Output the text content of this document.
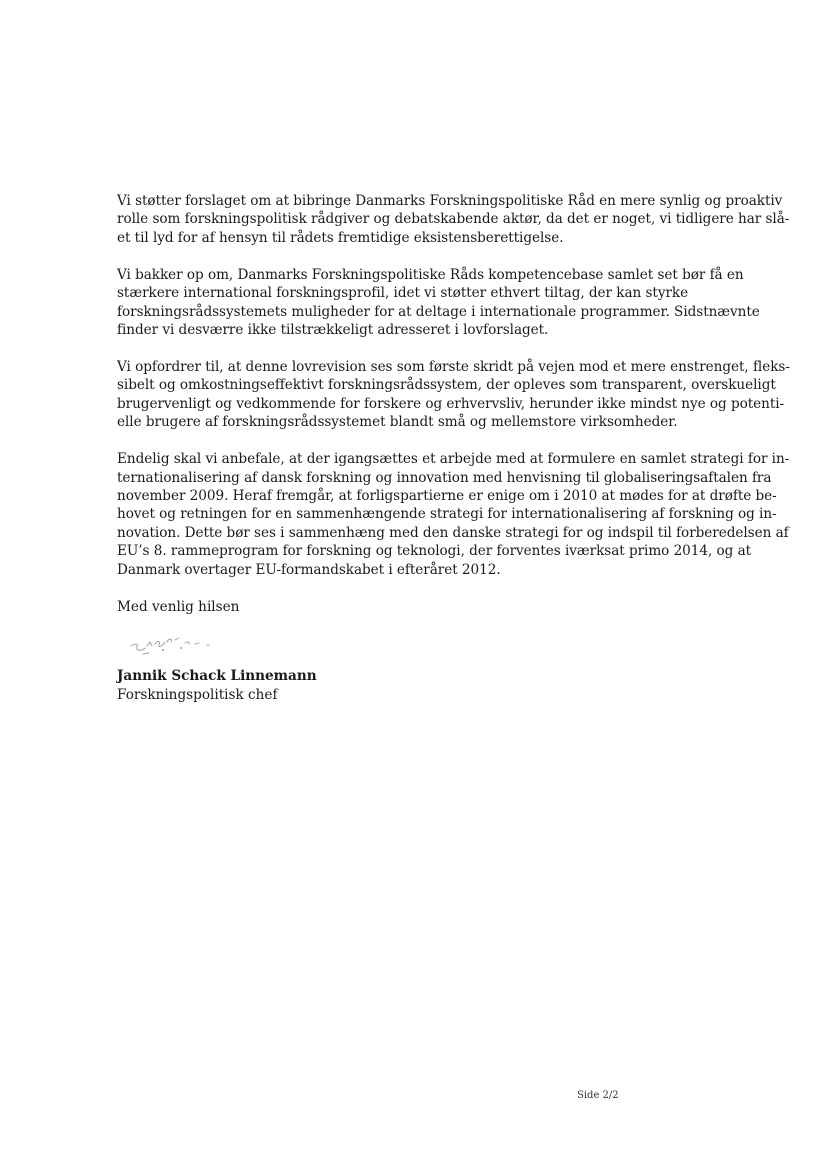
Vi støtter forslaget om at bibringe Danmarks Forskningspolitiske Råd en mere synlig og proaktiv
rolle som forskningspolitisk rådgiver og debatskabende aktør, da det er noget, vi tidligere har slå-
et til lyd for af hensyn til rådets fremtidige eksistensberettigelse.
Vi bakker op om, Danmarks Forskningspolitiske Råds kompetencebase samlet set bør få en
stærkere international forskningsprofil, idet vi støtter ethvert tiltag, der kan styrke
forskningsrådssystemets muligheder for at deltage i internationale programmer. Sidstnævnte
finder vi desværre ikke tilstrækkeligt adresseret i lovforslaget.
Vi opfordrer til, at denne lovrevision ses som første skridt på vejen mod et mere enstrenget, fleks-
sibelt og omkostningseffektivt forskningsrådssystem, der opleves som transparent, overskueligt
brugervenligt og vedkommende for forskere og erhvervsliv, herunder ikke mindst nye og potenti-
elle brugere af forskningsrådssystemet blandt små og mellemstore virksomheder.
Endelig skal vi anbefale, at der igangsættes et arbejde med at formulere en samlet strategi for in-
ternationalisering af dansk forskning og innovation med henvisning til globaliseringsaftalen fra
november 2009. Heraf fremgår, at forligspartierne er enige om i 2010 at mødes for at drøfte be-
hovet og retningen for en sammenhængende strategi for internationalisering af forskning og in-
novation. Dette bør ses i sammenhæng med den danske strategi for og indspil til forberedelsen af
EU’s 8. rammeprogram for forskning og teknologi, der forventes iværksat primo 2014, og at
Danmark overtager EU-formandskabet i efteråret 2012.
Med venlig hilsen
Jannik Schack Linnemann
Forskningspolitisk chef
Side 2/2
